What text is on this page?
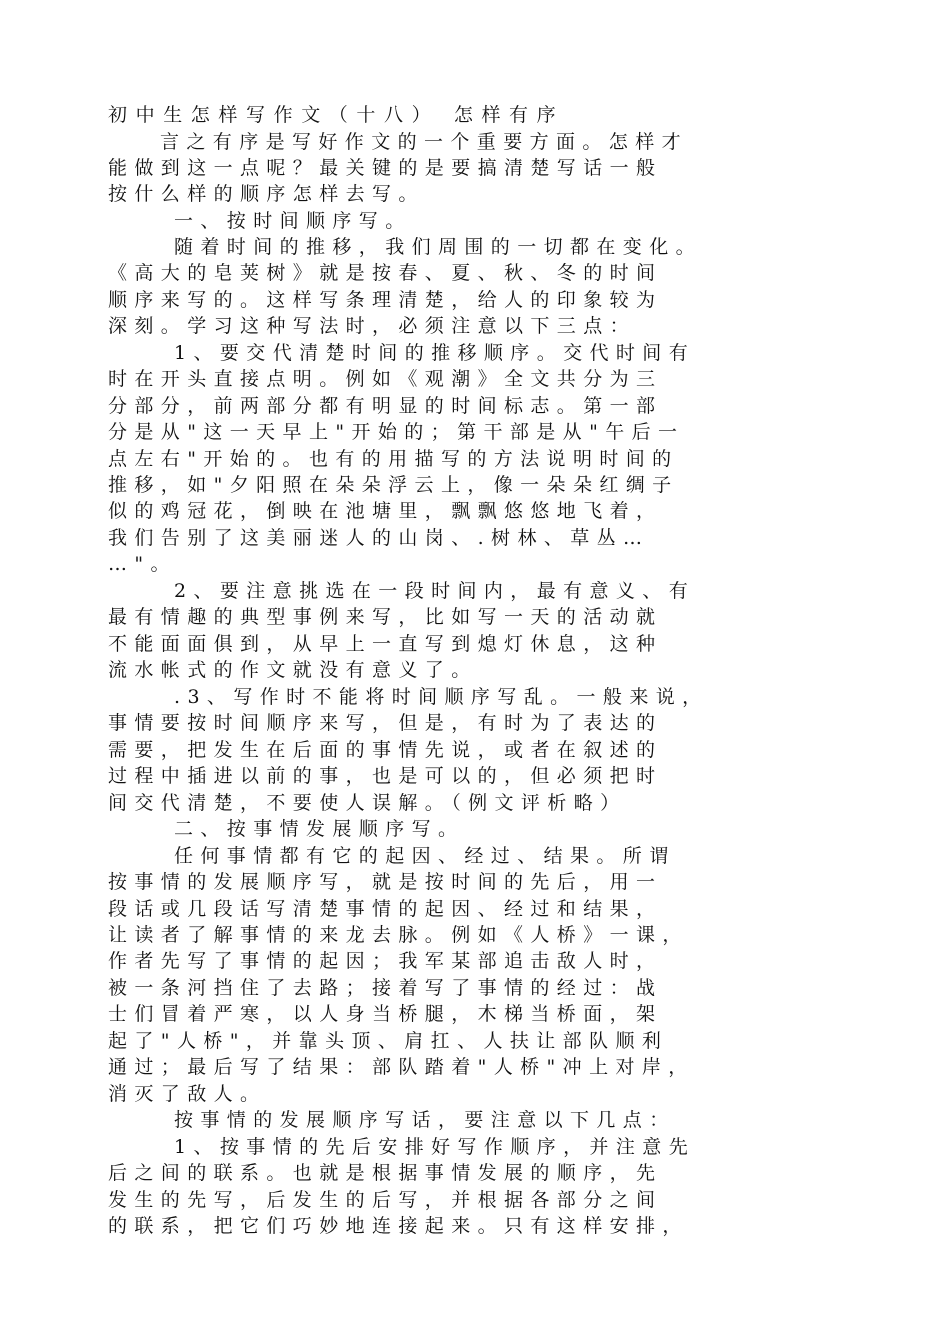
初中生怎样写作文（十八） 怎样有序
言之有序是写好作文的一个重要方面。怎样才
能做到这一点呢？最关键的是要搞清楚写话一般
按什么样的顺序怎样去写。
一、按时间顺序写。
随着时间的推移，我们周围的一切都在变化。
《高大的皂荚树》就是按春、夏、秋、冬的时间
顺序来写的。这样写条理清楚，给人的印象较为
深刻。学习这种写法时，必须注意以下三点：
1、要交代清楚时间的推移顺序。交代时间有
时在开头直接点明。例如《观潮》全文共分为三
分部分，前两部分都有明显的时间标志。第一部
分是从"这一天早上"开始的；第干部是从"午后一
点左右"开始的。也有的用描写的方法说明时间的
推移，如"夕阳照在朵朵浮云上，像一朵朵红绸子
似的鸡冠花，倒映在池塘里，飘飘悠悠地飞着，
我们告别了这美丽迷人的山岗、.树林、草丛…
…"。
2、要注意挑选在一段时间内，最有意义、有
最有情趣的典型事例来写，比如写一天的活动就
不能面面俱到，从早上一直写到熄灯休息，这种
流水帐式的作文就没有意义了。
.3、写作时不能将时间顺序写乱。一般来说，
事情要按时间顺序来写，但是，有时为了表达的
需要，把发生在后面的事情先说，或者在叙述的
过程中插进以前的事，也是可以的，但必须把时
间交代清楚，不要使人误解。（例文评析略）
二、按事情发展顺序写。
任何事情都有它的起因、经过、结果。所谓
按事情的发展顺序写，就是按时间的先后，用一
段话或几段话写清楚事情的起因、经过和结果，
让读者了解事情的来龙去脉。例如《人桥》一课，
作者先写了事情的起因；我军某部追击敌人时，
被一条河挡住了去路；接着写了事情的经过：战
士们冒着严寒，以人身当桥腿，木梯当桥面，架
起了"人桥"，并靠头顶、肩扛、人扶让部队顺利
通过；最后写了结果：部队踏着"人桥"冲上对岸，
消灭了敌人。
按事情的发展顺序写话，要注意以下几点：
1、按事情的先后安排好写作顺序，并注意先
后之间的联系。也就是根据事情发展的顺序，先
发生的先写，后发生的后写，并根据各部分之间
的联系，把它们巧妙地连接起来。只有这样安排，
